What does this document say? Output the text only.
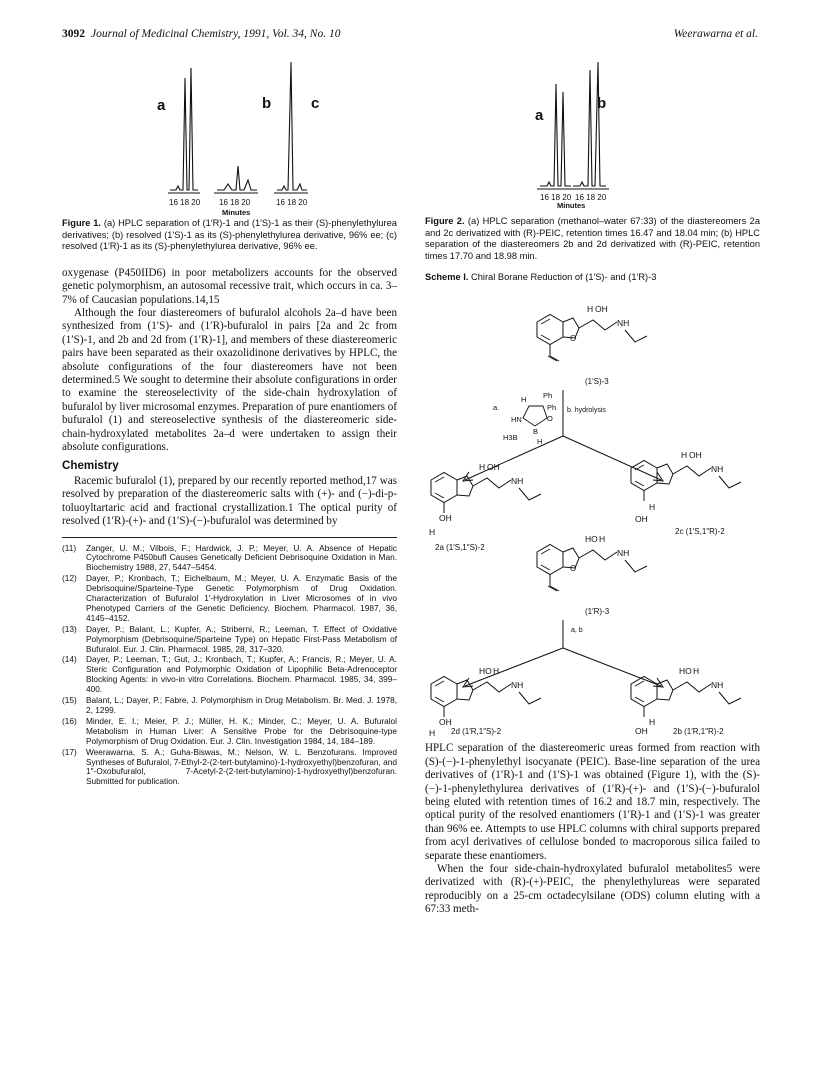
3092 Journal of Medicinal Chemistry, 1991, Vol. 34, No. 10	Weerawarna et al.
a	b	c
16 18 20 16 18 20	16 18 20
Minutes
Figure 1. (a) HPLC separation of (1′R)-1 and (1′S)-1 as their (S)-phenylethylurea derivatives; (b) resolved (1′S)-1 as its (S)-phenylethylurea derivative, 96% ee; (c) resolved (1′R)-1 as its (S)-phenylethylurea derivative, 96% ee.

oxygenase (P450IID6) in poor metabolizers accounts for the observed genetic polymorphism, an autosomal recessive trait, which occurs in ca. 3–7% of Caucasian populations.14,15

Although the four diastereomers of bufuralol alcohols 2a–d have been synthesized from (1′S)- and (1′R)-bufuralol in pairs [2a and 2c from (1′S)-1, and 2b and 2d from (1′R)-1], and members of these diastereomeric pairs have been separated as their oxazolidinone derivatives by HPLC, the absolute configurations of the four diastereomers have not been determined.5 We sought to determine their absolute configurations in order to examine the stereoselectivity of the side-chain hydroxylation of bufuralol by liver microsomal enzymes. Preparation of pure enantiomers of bufuralol (1) and stereoselective synthesis of the diastereomeric side-chain-hydroxylated metabolites 2a–d were undertaken to assign their absolute configurations.

Chemistry

Racemic bufuralol (1), prepared by our recently reported method,17 was resolved by preparation of the diastereomeric salts with (+)- and (−)-di-p-toluoyltartaric acid and fractional crystallization.1 The optical purity of resolved (1′R)-(+)- and (1′S)-(−)-bufuralol was determined by

(11) Zanger, U. M.; Vilbois, F.; Hardwick, J. P.; Meyer, U. A. Absence of Hepatic Cytochrome P450bufI Causes Genetically Deficient Debrisoquine Oxidation in Man. Biochemistry 1988, 27, 5447–5454.
(12) Dayer, P.; Kronbach, T.; Eichelbaum, M.; Meyer, U. A. Enzymatic Basis of the Debrisoquine/Sparteine-Type Genetic Polymorphism of Drug Oxidation. Characterization of Bufuralol 1′-Hydroxylation in Liver Microsomes of in vivo Phenotyped Carriers of the Genetic Deficiency. Biochem. Pharmacol. 1987, 36, 4145–4152.
(13) Dayer, P.; Balant, L.; Kupfer, A.; Striberni, R.; Leeman, T. Effect of Oxidative Polymorphism (Debrisoquine/Sparteine Type) on Hepatic First-Pass Metabolism of Bufuralol. Eur. J. Clin. Pharmacol. 1985, 28, 317–320.
(14) Dayer, P.; Leeman, T.; Gut, J.; Kronbach, T.; Kupfer, A.; Francis, R.; Meyer, U. A. Steric Configuration and Polymorphic Oxidation of Lipophilic Beta-Adrenoceptor Blocking Agents: in vivo-in vitro Correlations. Biochem. Pharmacol. 1985, 34, 399–400.
(15) Balant, L.; Dayer, P.; Fabre, J. Polymorphism in Drug Metabolism. Br. Med. J. 1978, 2, 1299.
(16) Minder, E. I.; Meier, P. J.; Müller, H. K.; Minder, C.; Meyer, U. A. Bufuralol Metabolism in Human Liver: A Sensitive Probe for the Debrisoquine-type Polymorphism of Drug Oxidation. Eur. J. Clin. Investigation 1984, 14, 184–189.
(17) Weerawarna, S. A.; Guha-Biswas, M.; Nelson, W. L. Benzofurans. Improved Syntheses of Bufuralol, 7-Ethyl-2-(2-tert-butylamino)-1-hydroxyethyl)benzofuran, and 1″-Oxobufuralol, 7-Acetyl-2-(2-tert-butylamino)-1-hydroxyethyl)benzofuran. Submitted for publication.
a
b
16 18 20 16 18 20
Minutes
Figure 2. (a) HPLC separation (methanol–water 67:33) of the diastereomers 2a and 2c derivatized with (R)-PEIC, retention times 16.47 and 18.04 min; (b) HPLC separation of the diastereomers 2b and 2d derivatized with (R)-PEIC, retention times 17.70 and 18.98 min.
Scheme I. Chiral Borane Reduction of (1′S)- and (1′R)-3
O
H OH
NH
(1′S)-3
a.
H Ph
Ph
HN	O
B
H3B	H
b. hydrolysis
OH
H
H OH
NH
2a (1′S,1″S)-2
H
OH
H OH
NH
2c (1′S,1″R)-2
O
HO H
NH
(1′R)-3
a, b
OH
H
HO H
NH
2d (1′R,1″S)-2
H
OH
HO H
NH
2b (1′R,1″R)-2

HPLC separation of the diastereomeric ureas formed from reaction with (S)-(−)-1-phenylethyl isocyanate (PEIC). Base-line separation of the urea derivatives of (1′R)-1 and (1′S)-1 was obtained (Figure 1), with the (S)-(−)-1-phenylethylurea derivatives of (1′R)-(+)- and (1′S)-(−)-bufuralol being eluted with retention times of 16.2 and 18.7 min, respectively. The optical purity of the resolved enantiomers (1′R)-1 and (1′S)-1 was greater than 96% ee. Attempts to use HPLC columns with chiral supports prepared from acyl derivatives of cellulose bonded to macroporous silica failed to separate these enantiomers.

When the four side-chain-hydroxylated bufuralol metabolites5 were derivatized with (R)-(+)-PEIC, the phenylethylureas were separated reproducibly on a 25-cm octadecylsilane (ODS) column eluting with a 67:33 meth-
